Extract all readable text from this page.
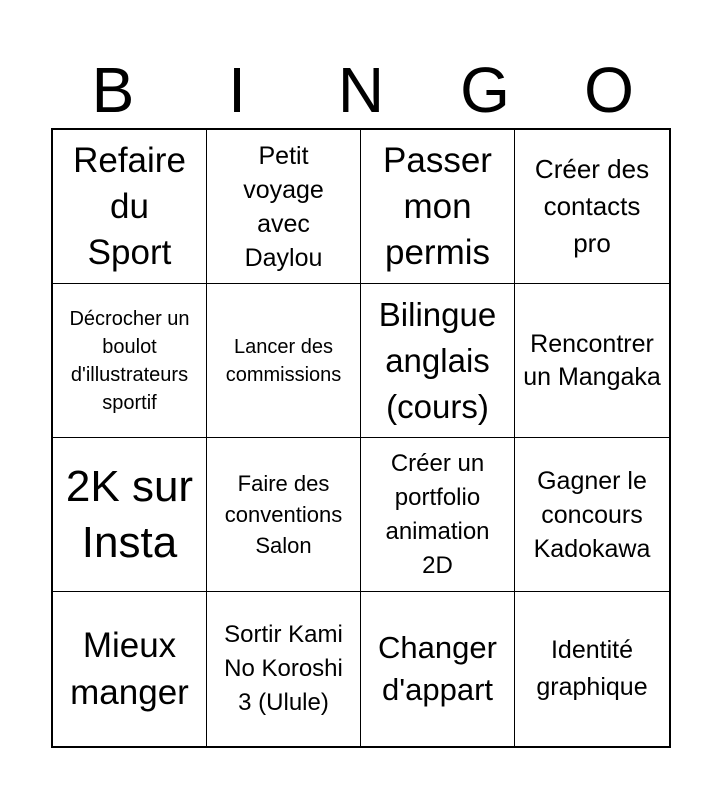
B	I	N	G	O
Refaire du Sport
Petit voyage avec Daylou
Passer mon permis
Créer des contacts pro
Décrocher un boulot d'illustrateurs sportif
Lancer des commissions
Bilingue anglais (cours)
Rencontrer un Mangaka
2K sur Insta
Faire des conventions Salon
Créer un portfolio animation 2D
Gagner le concours Kadokawa
Mieux manger
Sortir Kami No Koroshi 3 (Ulule)
Changer d'appart
Identité graphique
